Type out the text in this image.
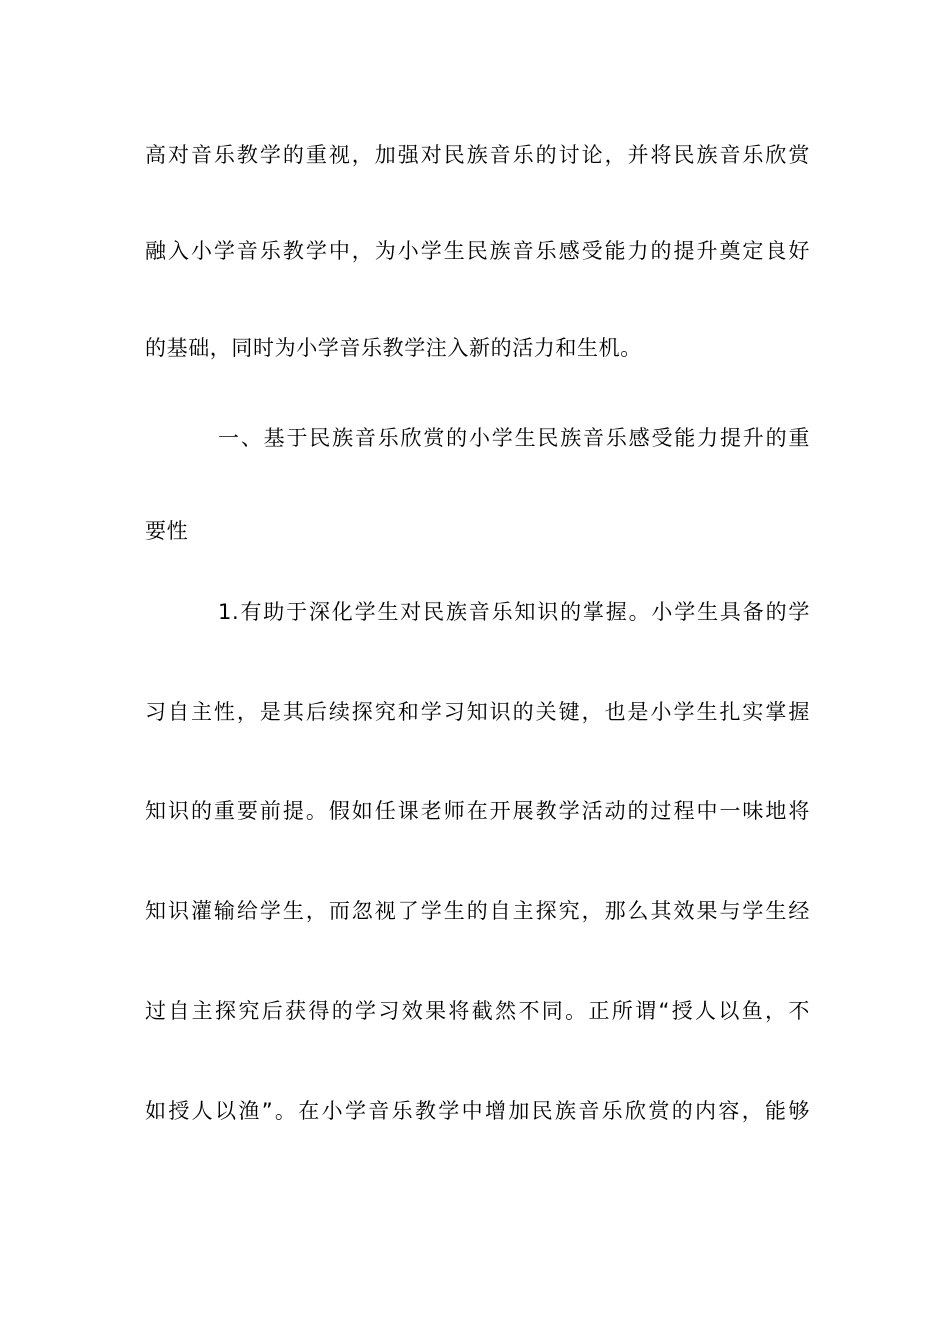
高对音乐教学的重视，加强对民族音乐的讨论，并将民族音乐欣赏
融入小学音乐教学中，为小学生民族音乐感受能力的提升奠定良好
的基础，同时为小学音乐教学注入新的活力和生机。
一、基于民族音乐欣赏的小学生民族音乐感受能力提升的重
要性
1.有助于深化学生对民族音乐知识的掌握。小学生具备的学
习自主性，是其后续探究和学习知识的关键，也是小学生扎实掌握
知识的重要前提。假如任课老师在开展教学活动的过程中一味地将
知识灌输给学生，而忽视了学生的自主探究，那么其效果与学生经
过自主探究后获得的学习效果将截然不同。正所谓“授人以鱼，不
如授人以渔”。在小学音乐教学中增加民族音乐欣赏的内容，能够
